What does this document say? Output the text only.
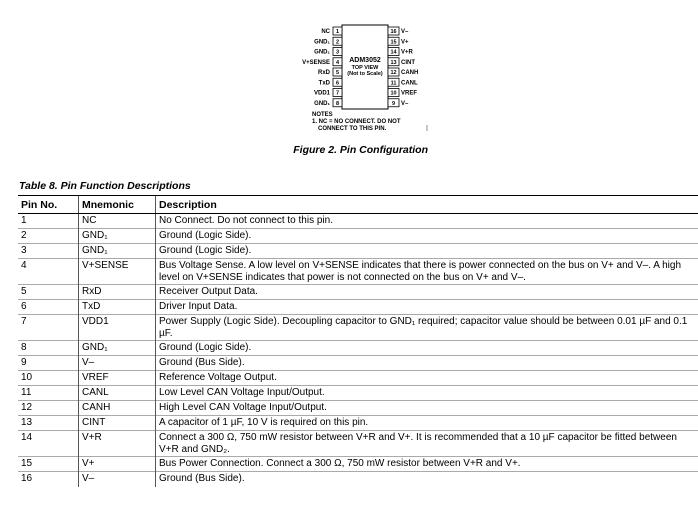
ADM3052
TOP VIEW
(Not to Scale)
1
NC
2
GND₁
3
GND₁
4
V+SENSE
5
RxD
6
TxD
7
VDD1
8
GND₁
16 V–
15 V+
14 V+R
13 CINT
12 CANH
11 CANL
10 VREF
9 V–
NOTES
1. NC = NO CONNECT. DO NOT
CONNECT TO THIS PIN.
Figure 2. Pin Configuration
Table 8. Pin Function Descriptions
Pin No.	Mnemonic	Description
1	NC	No Connect. Do not connect to this pin.
2	GND₁	Ground (Logic Side).
3	GND₁	Ground (Logic Side).
4	V+SENSE	Bus Voltage Sense. A low level on V+SENSE indicates that there is power connected on the bus on V+ and V–. A high level on V+SENSE indicates that power is not connected on the bus on V+ and V–.
5	RxD	Receiver Output Data.
6	TxD	Driver Input Data.
7	VDD1	Power Supply (Logic Side). Decoupling capacitor to GND₁ required; capacitor value should be between 0.01 µF and 0.1 µF.
8	GND₁	Ground (Logic Side).
9	V–	Ground (Bus Side).
10	VREF	Reference Voltage Output.
11	CANL	Low Level CAN Voltage Input/Output.
12	CANH	High Level CAN Voltage Input/Output.
13	CINT	A capacitor of 1 µF, 10 V is required on this pin.
14	V+R	Connect a 300 Ω, 750 mW resistor between V+R and V+. It is recommended that a 10 µF capacitor be fitted between V+R and GND₂.
15	V+	Bus Power Connection. Connect a 300 Ω, 750 mW resistor between V+R and V+.
16	V–	Ground (Bus Side).
